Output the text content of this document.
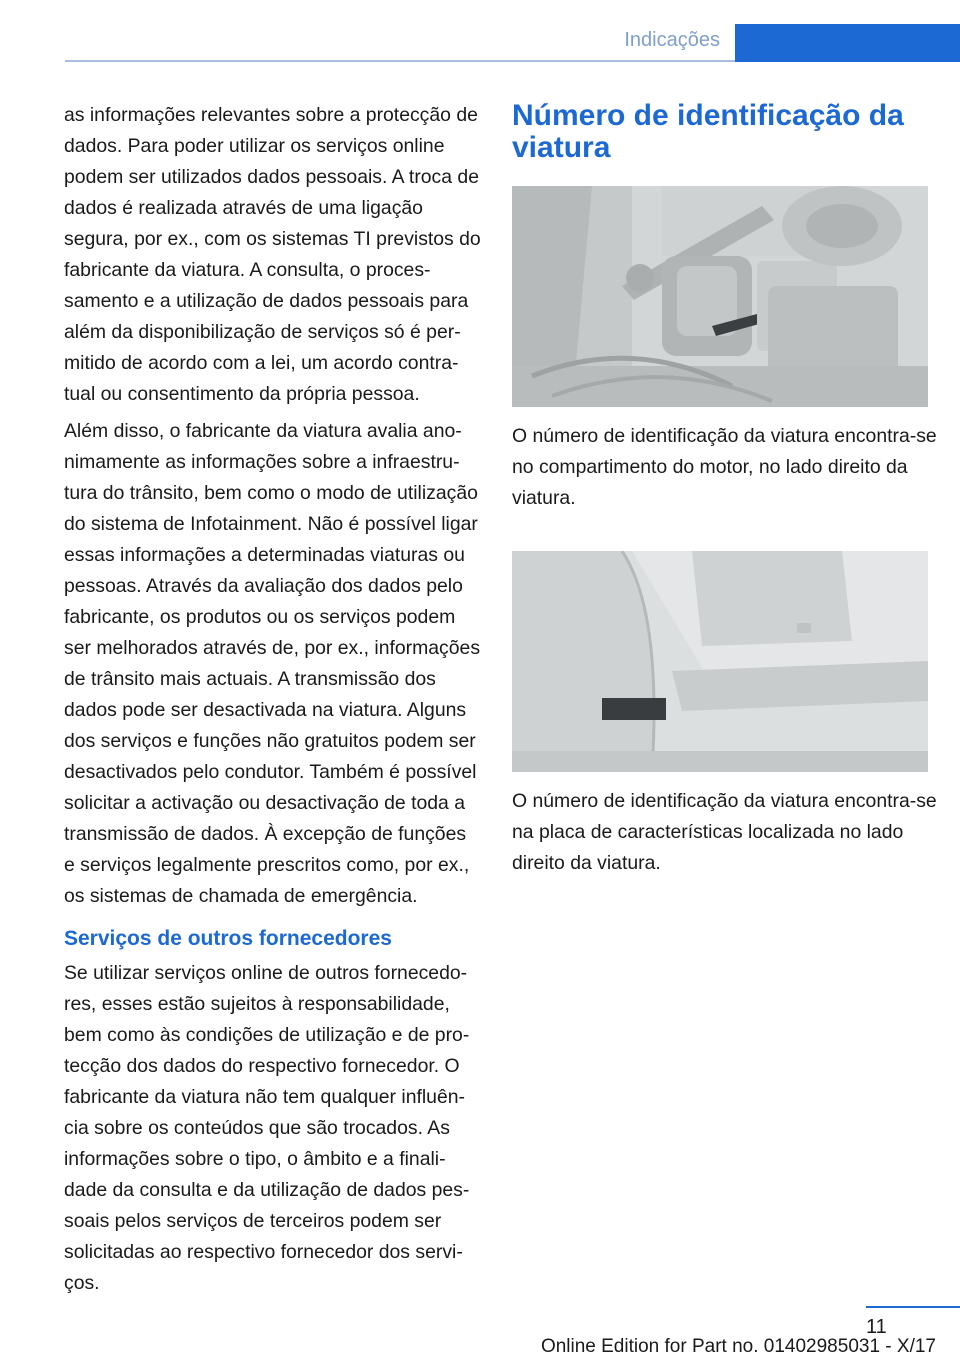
Indicações

as informações relevantes sobre a protecção de dados. Para poder utilizar os serviços online podem ser utilizados dados pessoais. A troca de dados é realizada através de uma ligação segura, por ex., com os sistemas TI previstos do fabricante da viatura. A consulta, o processamento e a utilização de dados pessoais para além da disponibilização de serviços só é permitido de acordo com a lei, um acordo contratual ou consentimento da própria pessoa.

Além disso, o fabricante da viatura avalia anonimamente as informações sobre a infraestrutura do trânsito, bem como o modo de utilização do sistema de Infotainment. Não é possível ligar essas informações a determinadas viaturas ou pessoas. Através da avaliação dos dados pelo fabricante, os produtos ou os serviços podem ser melhorados através de, por ex., informações de trânsito mais actuais. A transmissão dos dados pode ser desactivada na viatura. Alguns dos serviços e funções não gratuitos podem ser desactivados pelo condutor. Também é possível solicitar a activação ou desactivação de toda a transmissão de dados. À excepção de funções e serviços legalmente prescritos como, por ex., os sistemas de chamada de emergência.

Serviços de outros fornecedores

Se utilizar serviços online de outros fornecedores, esses estão sujeitos à responsabilidade, bem como às condições de utilização e de protecção dos dados do respectivo fornecedor. O fabricante da viatura não tem qualquer influência sobre os conteúdos que são trocados. As informações sobre o tipo, o âmbito e a finalidade da consulta e da utilização de dados pessoais pelos serviços de terceiros podem ser solicitadas ao respectivo fornecedor dos serviços.

Número de identificação da viatura

O número de identificação da viatura encontra-se no compartimento do motor, no lado direito da viatura.

O número de identificação da viatura encontra-se na placa de características localizada no lado direito da viatura.

11
Online Edition for Part no. 01402985031 - X/17
